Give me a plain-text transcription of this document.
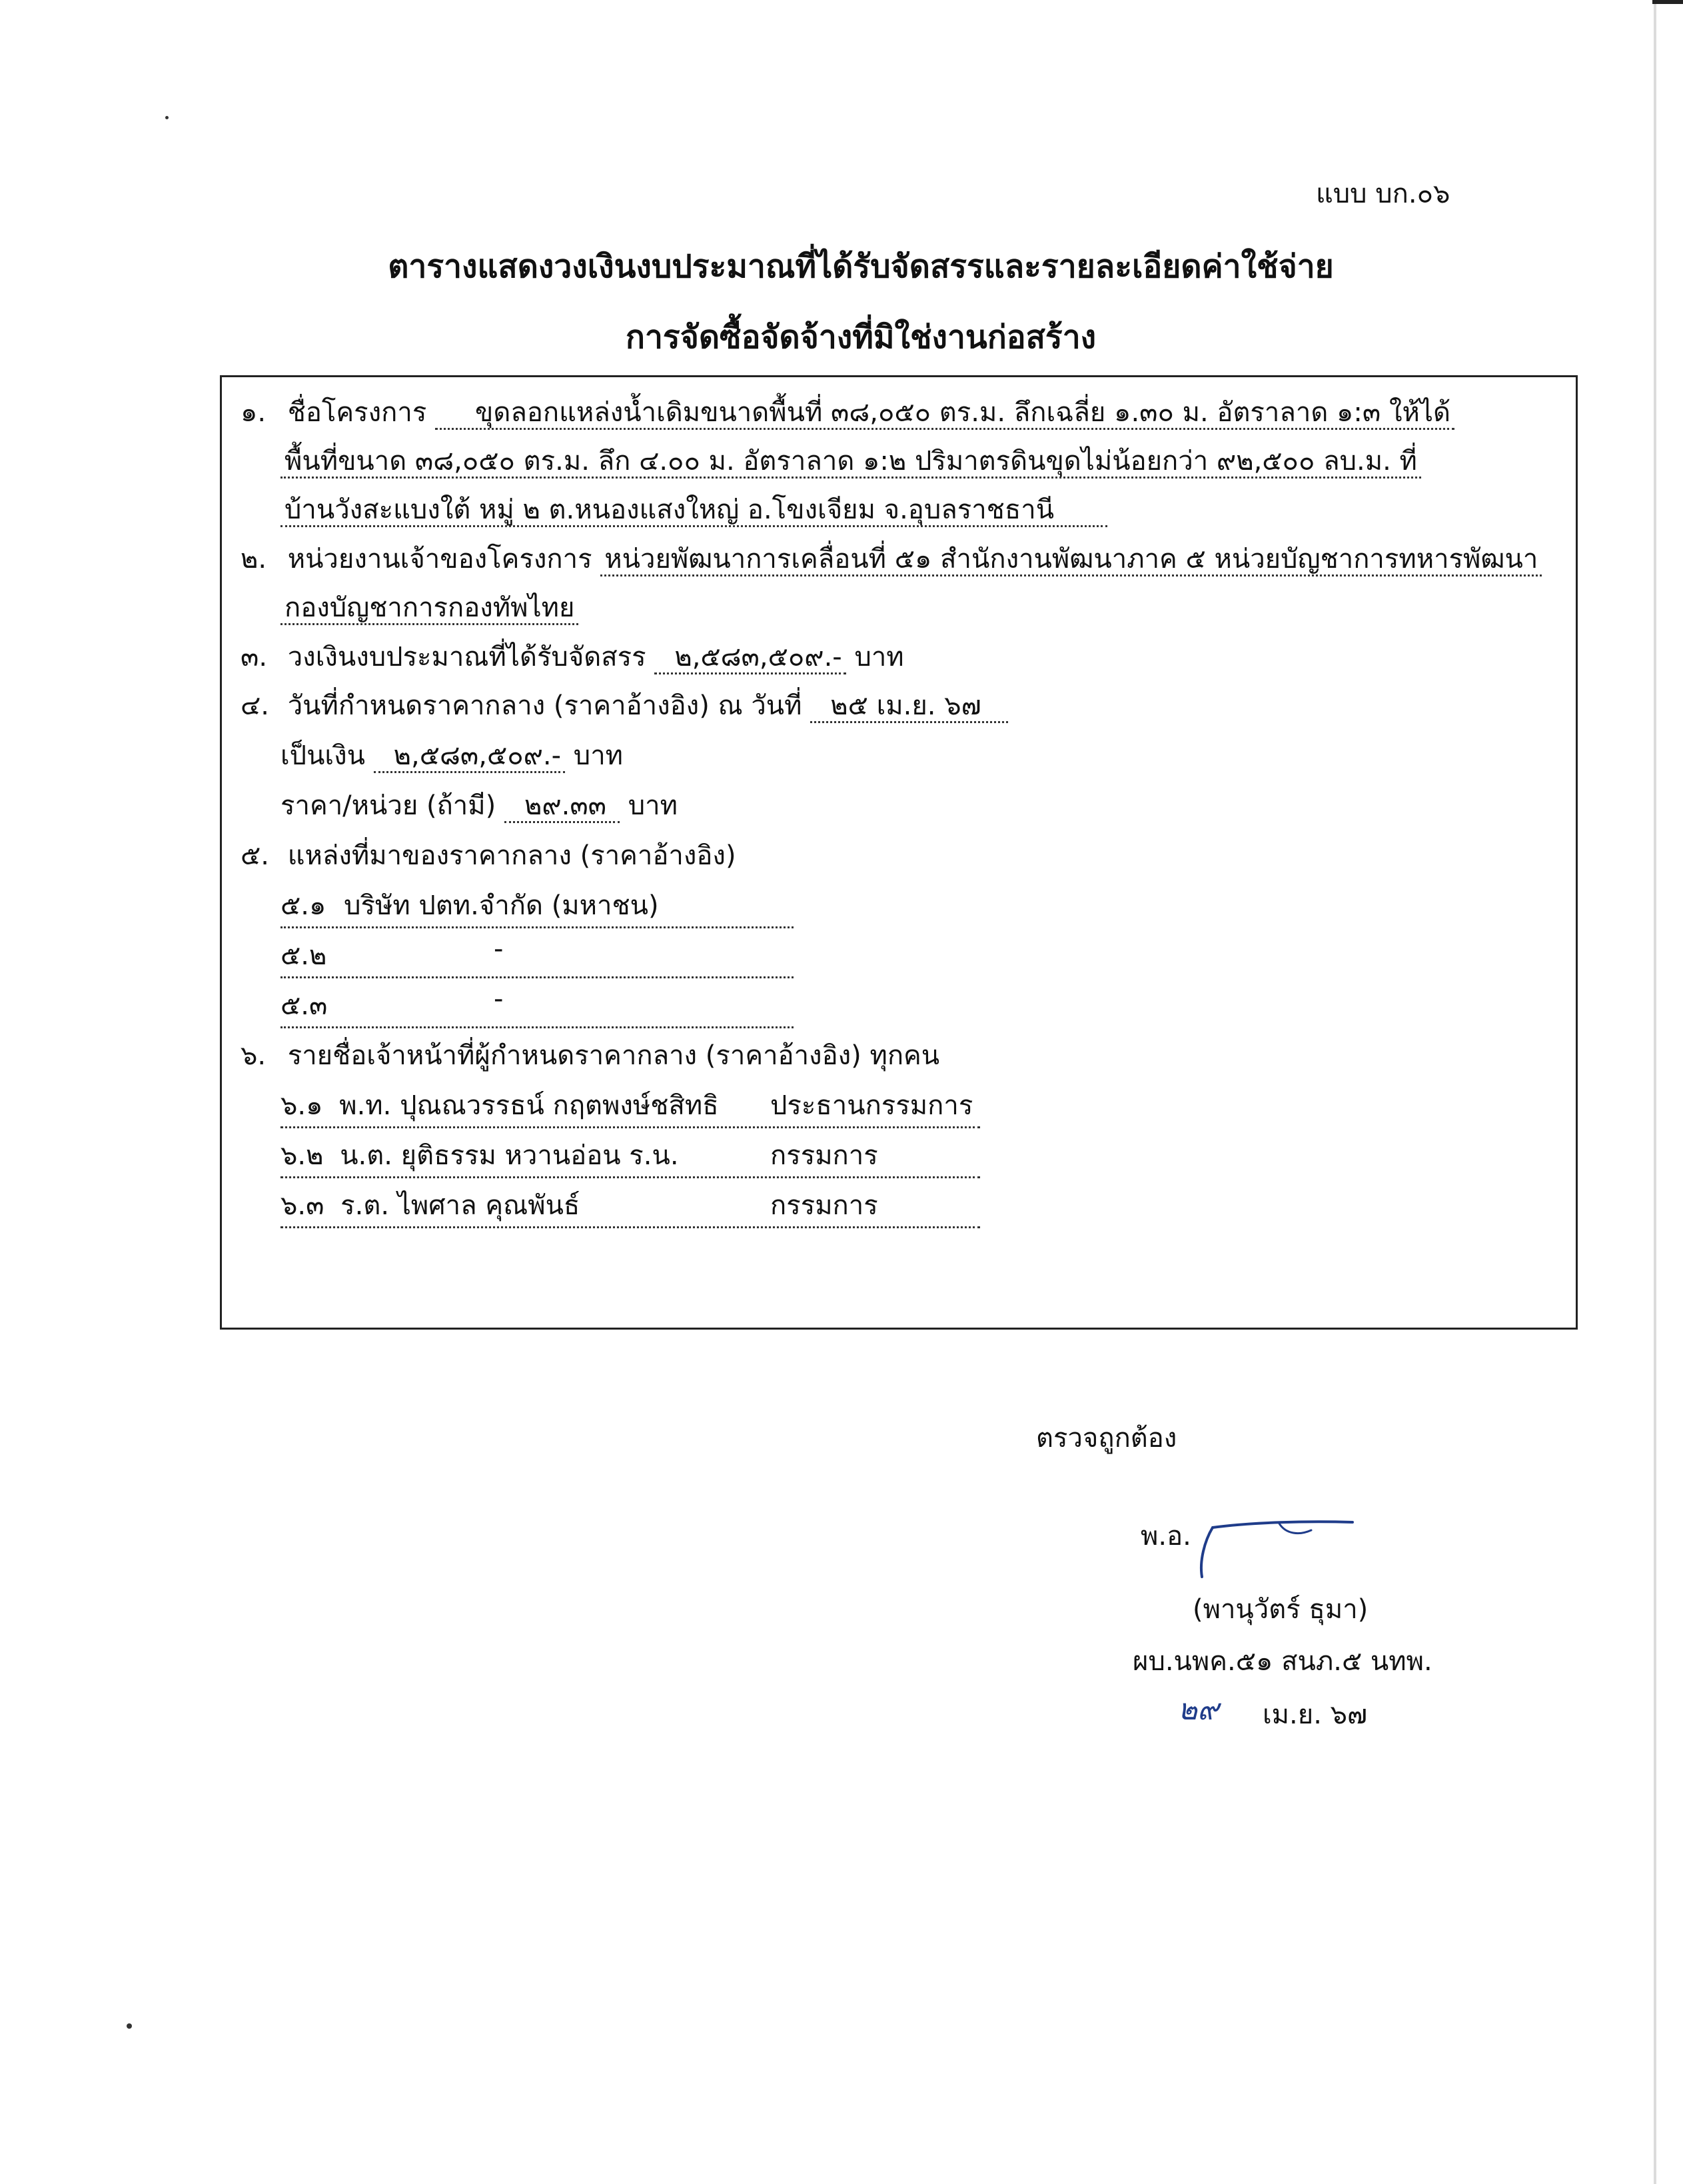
แบบ บก.๐๖
ตารางแสดงวงเงินงบประมาณที่ได้รับจัดสรรและรายละเอียดค่าใช้จ่าย
การจัดซื้อจัดจ้างที่มิใช่งานก่อสร้าง
๑. ชื่อโครงการ ขุดลอกแหล่งน้ำเดิมขนาดพื้นที่ ๓๘,๐๕๐ ตร.ม. ลึกเฉลี่ย ๑.๓๐ ม. อัตราลาด ๑:๓ ให้ได้
พื้นที่ขนาด ๓๘,๐๕๐ ตร.ม. ลึก ๔.๐๐ ม. อัตราลาด ๑:๒ ปริมาตรดินขุดไม่น้อยกว่า ๙๒,๕๐๐ ลบ.ม. ที่
บ้านวังสะแบงใต้ หมู่ ๒ ต.หนองแสงใหญ่ อ.โขงเจียม จ.อุบลราชธานี
๒. หน่วยงานเจ้าของโครงการ หน่วยพัฒนาการเคลื่อนที่ ๕๑ สำนักงานพัฒนาภาค ๕ หน่วยบัญชาการทหารพัฒนา
กองบัญชาการกองทัพไทย
๓. วงเงินงบประมาณที่ได้รับจัดสรร ๒,๕๘๓,๕๐๙.- บาท
๔. วันที่กำหนดราคากลาง (ราคาอ้างอิง) ณ วันที่ ๒๕ เม.ย. ๖๗
เป็นเงิน ๒,๕๘๓,๕๐๙.- บาท
ราคา/หน่วย (ถ้ามี) ๒๙.๓๓ บาท
๕. แหล่งที่มาของราคากลาง (ราคาอ้างอิง)
๕.๑ บริษัท ปตท.จำกัด (มหาชน)
๕.๒	-
๕.๓	-
๖. รายชื่อเจ้าหน้าที่ผู้กำหนดราคากลาง (ราคาอ้างอิง) ทุกคน
๖.๑ พ.ท. ปุณณวรรธน์ กฤตพงษ์ชสิทธิ ประธานกรรมการ
๖.๒ น.ต. ยุติธรรม หวานอ่อน ร.น.	กรรมการ
๖.๓ ร.ต. ไพศาล คุณพันธ์	กรรมการ
ตรวจถูกต้อง
พ.อ.
(พานุวัตร์ ธุมา)
ผบ.นพค.๕๑ สนภ.๕ นทพ.
๒๙ เม.ย. ๖๗
